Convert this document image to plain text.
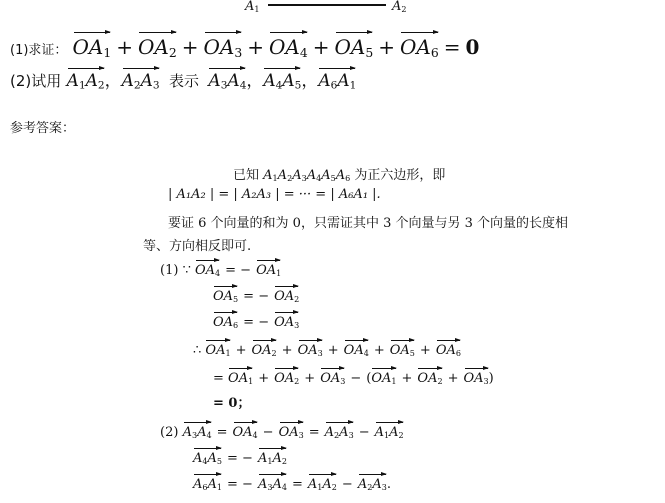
$A_1$	$A_2$
(1)求证： $OA_1 + OA_2 + OA_3 + OA_4 + OA_5 + OA_6 = 0$
(2)试用 $A_1A_2$，$A_2A_3$ 表示 $A_3A_4$，$A_4A_5$，$A_6A_1$
参考答案：
已知 $A_1A_2A_3A_4A_5A_6$ 为正六边形，即
| A₁A₂ | = | A₂A₃ | = ··· = | A₆A₁ |.
要证 6 个向量的和为 0，只需证其中 3 个向量与另 3 个向量的长度相
等、方向相反即可.
(1) ∵ $OA_4$ = − $OA_1$
$OA_5$ = − $OA_2$
$OA_6$ = − $OA_3$
∴ $OA_1 + OA_2 + OA_3 + OA_4 + OA_5 + OA_6$
= $OA_1 + OA_2 + OA_3 - (OA_1 + OA_2 + OA_3)$
= 0；
(2) $A_3A_4 = OA_4 - OA_3 = A_2A_3 - A_1A_2$
$A_4A_5$ = − $A_1A_2$
$A_6A_1$ = − $A_3A_4 = A_1A_2 - A_2A_3$.
